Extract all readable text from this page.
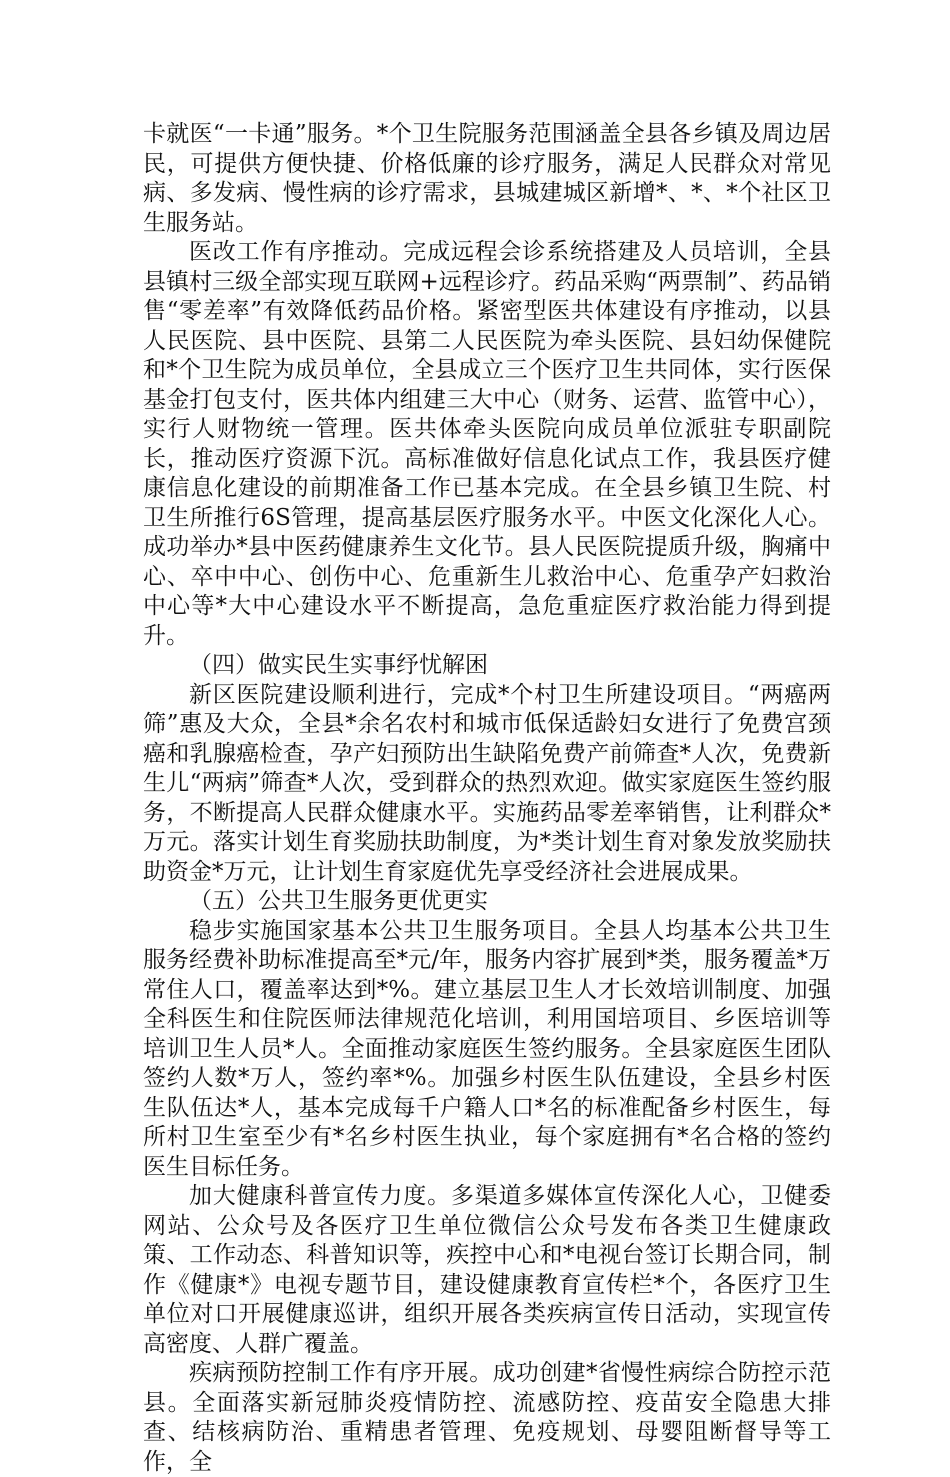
卡就医“一卡通”服务。*个卫生院服务范围涵盖全县各乡镇及周边居民，可提供方便快捷、价格低廉的诊疗服务，满足人民群众对常见病、多发病、慢性病的诊疗需求，县城建城区新增*、*、*个社区卫生服务站。

医改工作有序推动。完成远程会诊系统搭建及人员培训，全县县镇村三级全部实现互联网+远程诊疗。药品采购“两票制”、药品销售“零差率”有效降低药品价格。紧密型医共体建设有序推动，以县人民医院、县中医院、县第二人民医院为牵头医院、县妇幼保健院和*个卫生院为成员单位，全县成立三个医疗卫生共同体，实行医保基金打包支付，医共体内组建三大中心（财务、运营、监管中心），实行人财物统一管理。医共体牵头医院向成员单位派驻专职副院长，推动医疗资源下沉。高标准做好信息化试点工作，我县医疗健康信息化建设的前期准备工作已基本完成。在全县乡镇卫生院、村卫生所推行6S管理，提高基层医疗服务水平。中医文化深化人心。成功举办*县中医药健康养生文化节。县人民医院提质升级，胸痛中心、卒中中心、创伤中心、危重新生儿救治中心、危重孕产妇救治中心等*大中心建设水平不断提高，急危重症医疗救治能力得到提升。

（四）做实民生实事纾忧解困

新区医院建设顺利进行，完成*个村卫生所建设项目。“两癌两筛”惠及大众，全县*余名农村和城市低保适龄妇女进行了免费宫颈癌和乳腺癌检查，孕产妇预防出生缺陷免费产前筛查*人次，免费新生儿“两病”筛查*人次，受到群众的热烈欢迎。做实家庭医生签约服务，不断提高人民群众健康水平。实施药品零差率销售，让利群众*万元。落实计划生育奖励扶助制度，为*类计划生育对象发放奖励扶助资金*万元，让计划生育家庭优先享受经济社会进展成果。

（五）公共卫生服务更优更实

稳步实施国家基本公共卫生服务项目。全县人均基本公共卫生服务经费补助标准提高至*元/年，服务内容扩展到*类，服务覆盖*万常住人口，覆盖率达到*%。建立基层卫生人才长效培训制度、加强全科医生和住院医师法律规范化培训，利用国培项目、乡医培训等培训卫生人员*人。全面推动家庭医生签约服务。全县家庭医生团队签约人数*万人，签约率*%。加强乡村医生队伍建设，全县乡村医生队伍达*人，基本完成每千户籍人口*名的标准配备乡村医生，每所村卫生室至少有*名乡村医生执业，每个家庭拥有*名合格的签约医生目标任务。

加大健康科普宣传力度。多渠道多媒体宣传深化人心，卫健委网站、公众号及各医疗卫生单位微信公众号发布各类卫生健康政策、工作动态、科普知识等，疾控中心和*电视台签订长期合同，制作《健康*》电视专题节目，建设健康教育宣传栏*个，各医疗卫生单位对口开展健康巡讲，组织开展各类疾病宣传日活动，实现宣传高密度、人群广覆盖。

疾病预防控制工作有序开展。成功创建*省慢性病综合防控示范县。全面落实新冠肺炎疫情防控、流感防控、疫苗安全隐患大排查、结核病防治、重精患者管理、免疫规划、母婴阻断督导等工作，全
